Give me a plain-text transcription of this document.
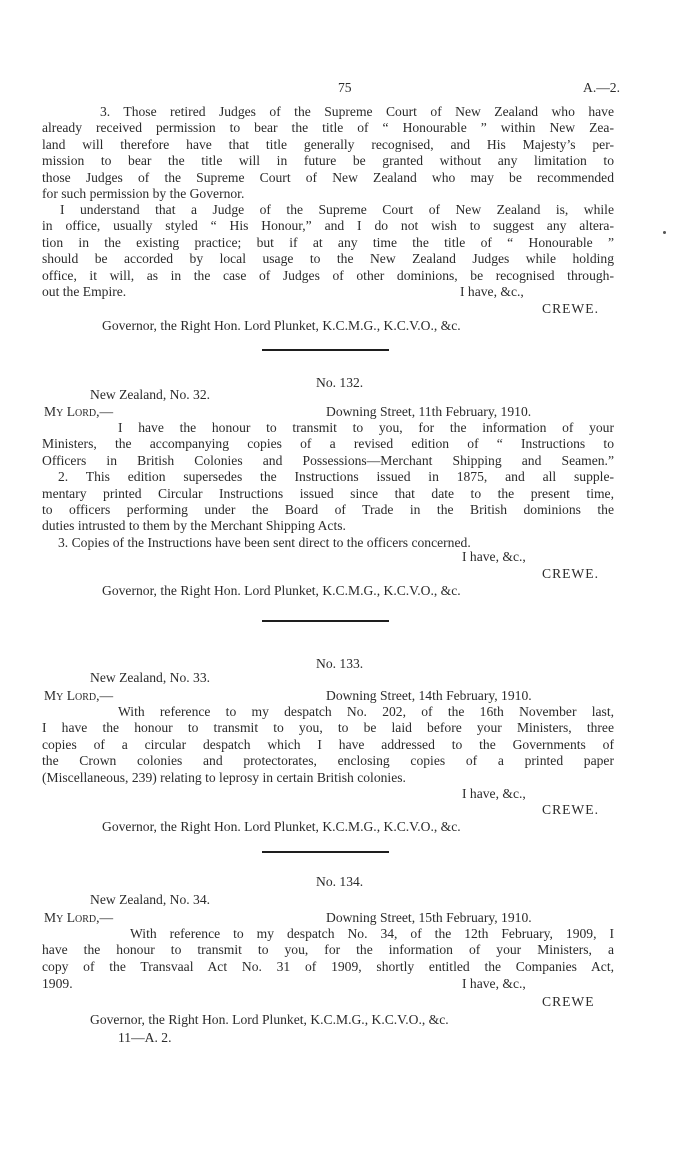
75	A.—2.
3. Those retired Judges of the Supreme Court of New Zealand who have
already received permission to bear the title of “ Honourable ” within New Zea-
land will therefore have that title generally recognised, and His Majesty’s per-
mission to bear the title will in future be granted without any limitation to
those Judges of the Supreme Court of New Zealand who may be recommended
for such permission by the Governor.
I understand that a Judge of the Supreme Court of New Zealand is, while
in office, usually styled “ His Honour,” and I do not wish to suggest any altera-
tion in the existing practice; but if at any time the title of “ Honourable ”
should be accorded by local usage to the New Zealand Judges while holding
office, it will, as in the case of Judges of other dominions, be recognised through-
out the Empire.	I have, &c.,
CREWE.
Governor, the Right Hon. Lord Plunket, K.C.M.G., K.C.V.O., &c.
No. 132.
New Zealand, No. 32.
My Lord,—	Downing Street, 11th February, 1910.
I have the honour to transmit to you, for the information of your
Ministers, the accompanying copies of a revised edition of “ Instructions to
Officers in British Colonies and Possessions—Merchant Shipping and Seamen.”
2. This edition supersedes the Instructions issued in 1875, and all supple-
mentary printed Circular Instructions issued since that date to the present time,
to officers performing under the Board of Trade in the British dominions the
duties intrusted to them by the Merchant Shipping Acts.
3. Copies of the Instructions have been sent direct to the officers concerned.
I have, &c.,
CREWE.
Governor, the Right Hon. Lord Plunket, K.C.M.G., K.C.V.O., &c.
No. 133.
New Zealand, No. 33.
My Lord,—	Downing Street, 14th February, 1910.
With reference to my despatch No. 202, of the 16th November last,
I have the honour to transmit to you, to be laid before your Ministers, three
copies of a circular despatch which I have addressed to the Governments of
the Crown colonies and protectorates, enclosing copies of a printed paper
(Miscellaneous, 239) relating to leprosy in certain British colonies.
I have, &c.,
CREWE.
Governor, the Right Hon. Lord Plunket, K.C.M.G., K.C.V.O., &c.
No. 134.
New Zealand, No. 34.
My Lord,—	Downing Street, 15th February, 1910.
With reference to my despatch No. 34, of the 12th February, 1909, I
have the honour to transmit to you, for the information of your Ministers, a
copy of the Transvaal Act No. 31 of 1909, shortly entitled the Companies Act,
1909.	I have, &c.,
CREWE
Governor, the Right Hon. Lord Plunket, K.C.M.G., K.C.V.O., &c.
11—A. 2.
